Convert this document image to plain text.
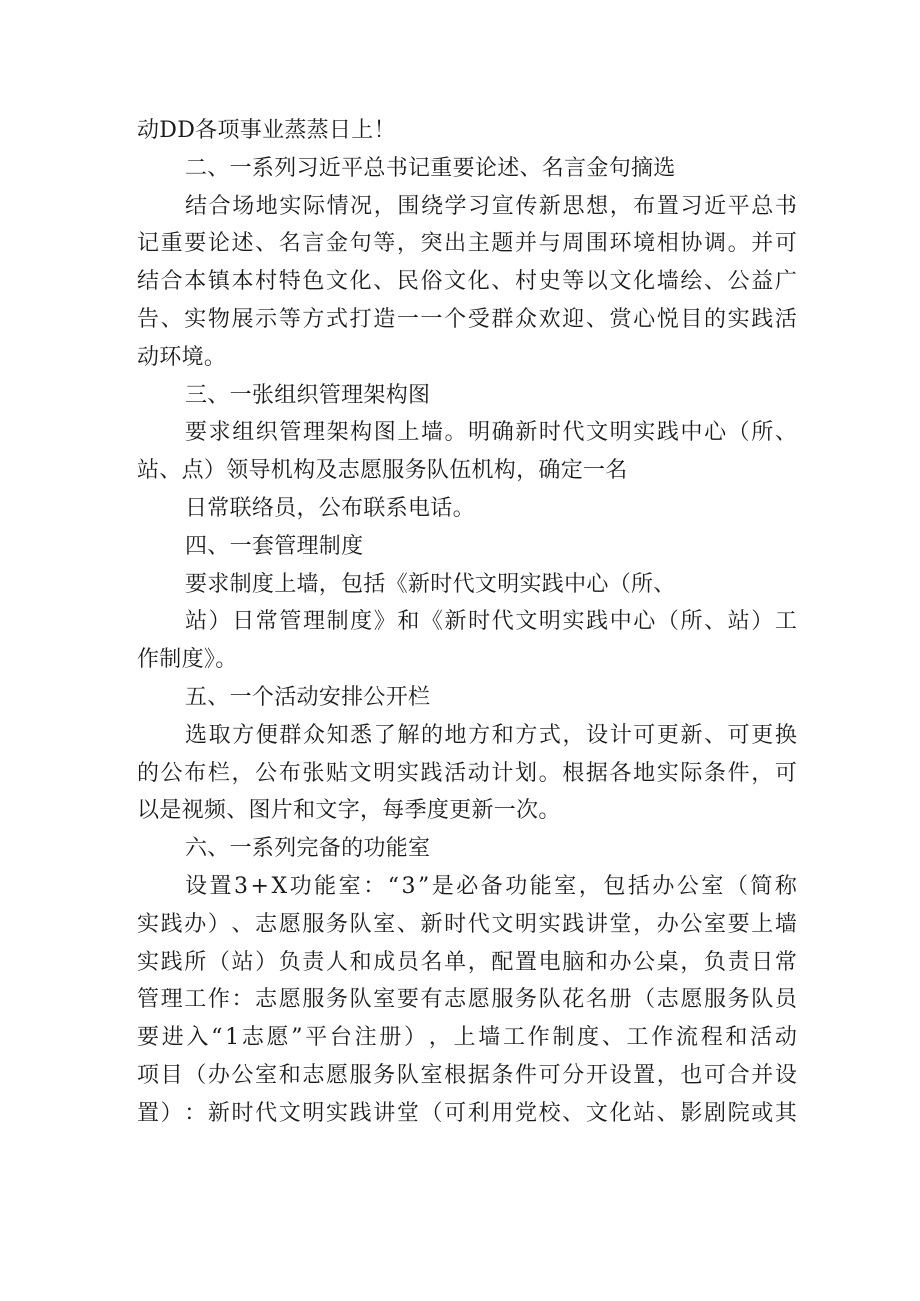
动DD各项事业蒸蒸日上！
二、一系列习近平总书记重要论述、名言金句摘选
结 合 场 地 实 际 情 况 ， 围 绕 学 习 宣 传 新 思 想 ， 布 置 习 近 平 总 书
记 重 要 论 述 、 名 言 金 句 等 ， 突 出 主 题 并 与 周 围 环 境 相 协 调 。 并 可
结 合 本 镇 本 村 特 色 文 化 、 民 俗 文 化 、 村 史 等 以 文 化 墙 绘 、 公 益 广
告 、 实 物 展 示 等 方 式 打 造 一 一 个 受 群 众 欢 迎 、 赏 心 悦 目 的 实 践 活
动环境。
三、一张组织管理架构图
要 求 组 织 管 理 架 构 图 上 墙 。 明 确 新 时 代 文 明 实 践 中 心 （ 所 、
站、点）领导机构及志愿服务队伍机构，确定一名
日常联络员，公布联系电话。
四、一套管理制度
要求制度上墙，包括《新时代文明实践中心（所、
站 ） 日 常 管 理 制 度 》 和 《 新 时 代 文 明 实 践 中 心 （ 所 、 站 ） 工
作制度》。
五、一个活动安排公开栏
选 取 方 便 群 众 知 悉 了 解 的 地 方 和 方 式 ， 设 计 可 更 新 、 可 更 换
的 公 布 栏 ， 公 布 张 贴 文 明 实 践 活 动 计 划 。 根 据 各 地 实 际 条 件 ， 可
以是视频、图片和文字，每季度更新一次。
六、一系列完备的功能室
设 置 3 + X 功 能 室 ： “ 3 ” 是 必 备 功 能 室 ， 包 括 办 公 室 （ 简 称
实 践 办 ） 、 志 愿 服 务 队 室 、 新 时 代 文 明 实 践 讲 堂 ， 办 公 室 要 上 墙
实 践 所 （ 站 ） 负 责 人 和 成 员 名 单 ， 配 置 电 脑 和 办 公 桌 ， 负 责 日 常
管 理 工 作 ： 志 愿 服 务 队 室 要 有 志 愿 服 务 队 花 名 册 （ 志 愿 服 务 队 员
要 进 入 “ 1 志 愿 ” 平 台 注 册 ） ， 上 墙 工 作 制 度 、 工 作 流 程 和 活 动
项 目 （ 办 公 室 和 志 愿 服 务 队 室 根 据 条 件 可 分 开 设 置 ， 也 可 合 并 设
置 ） ： 新 时 代 文 明 实 践 讲 堂 （ 可 利 用 党 校 、 文 化 站 、 影 剧 院 或 其
